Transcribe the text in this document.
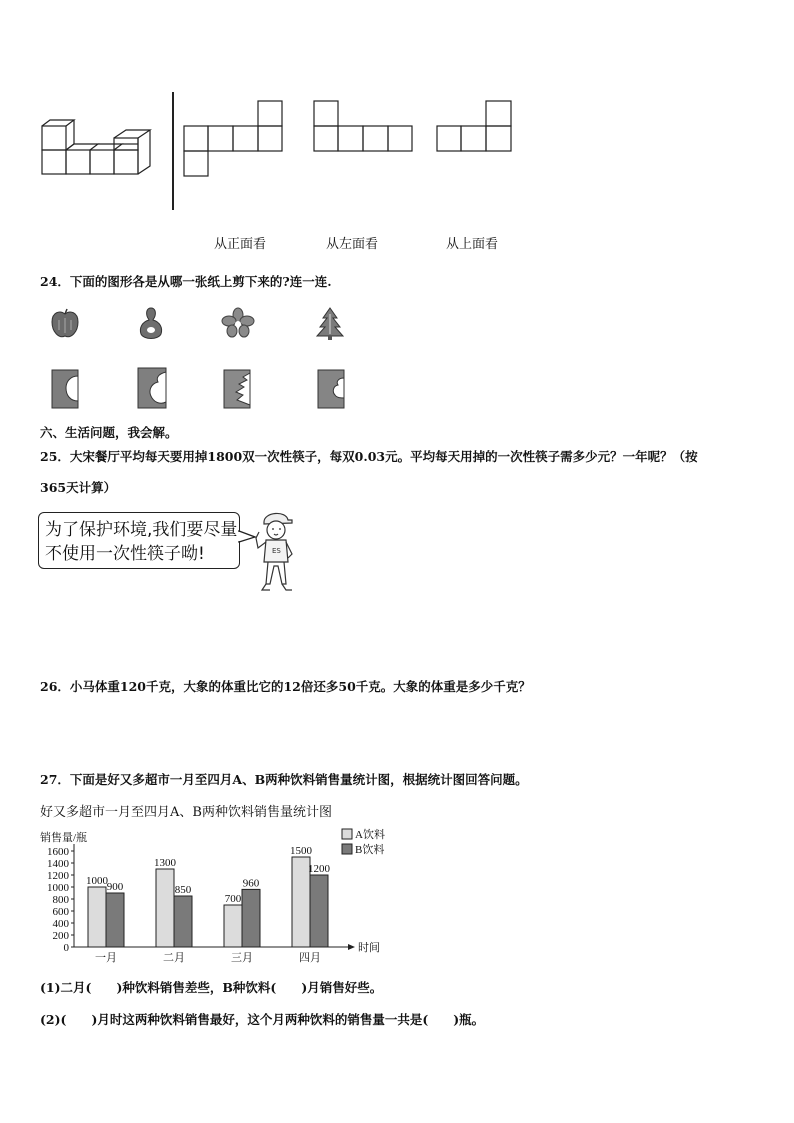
从正面看	从左面看	从上面看
24．下面的图形各是从哪一张纸上剪下来的?连一连.
六、生活问题，我会解。
25．大宋餐厅平均每天要用掉1800双一次性筷子，每双0.03元。平均每天用掉的一次性筷子需多少元？一年呢？（按
365天计算）
为了保护环境,我们要尽量
不使用一次性筷子呦!	ES
26．小马体重120千克，大象的体重比它的12倍还多50千克。大象的体重是多少千克？
27．下面是好又多超市一月至四月A、B两种饮料销售量统计图，根据统计图回答问题。
好又多超市一月至四月A、B两种饮料销售量统计图
销售量/瓶
时间
0
200
400
600
800
1000
1200
1400
1600
1000
900
一月
1300
850
二月
700
960
三月
1500
1200
四月
A饮料
B饮料
(1)二月(　　)种饮料销售差些，B种饮料(　　)月销售好些。
(2)(　　)月时这两种饮料销售最好，这个月两种饮料的销售量一共是(　　)瓶。
